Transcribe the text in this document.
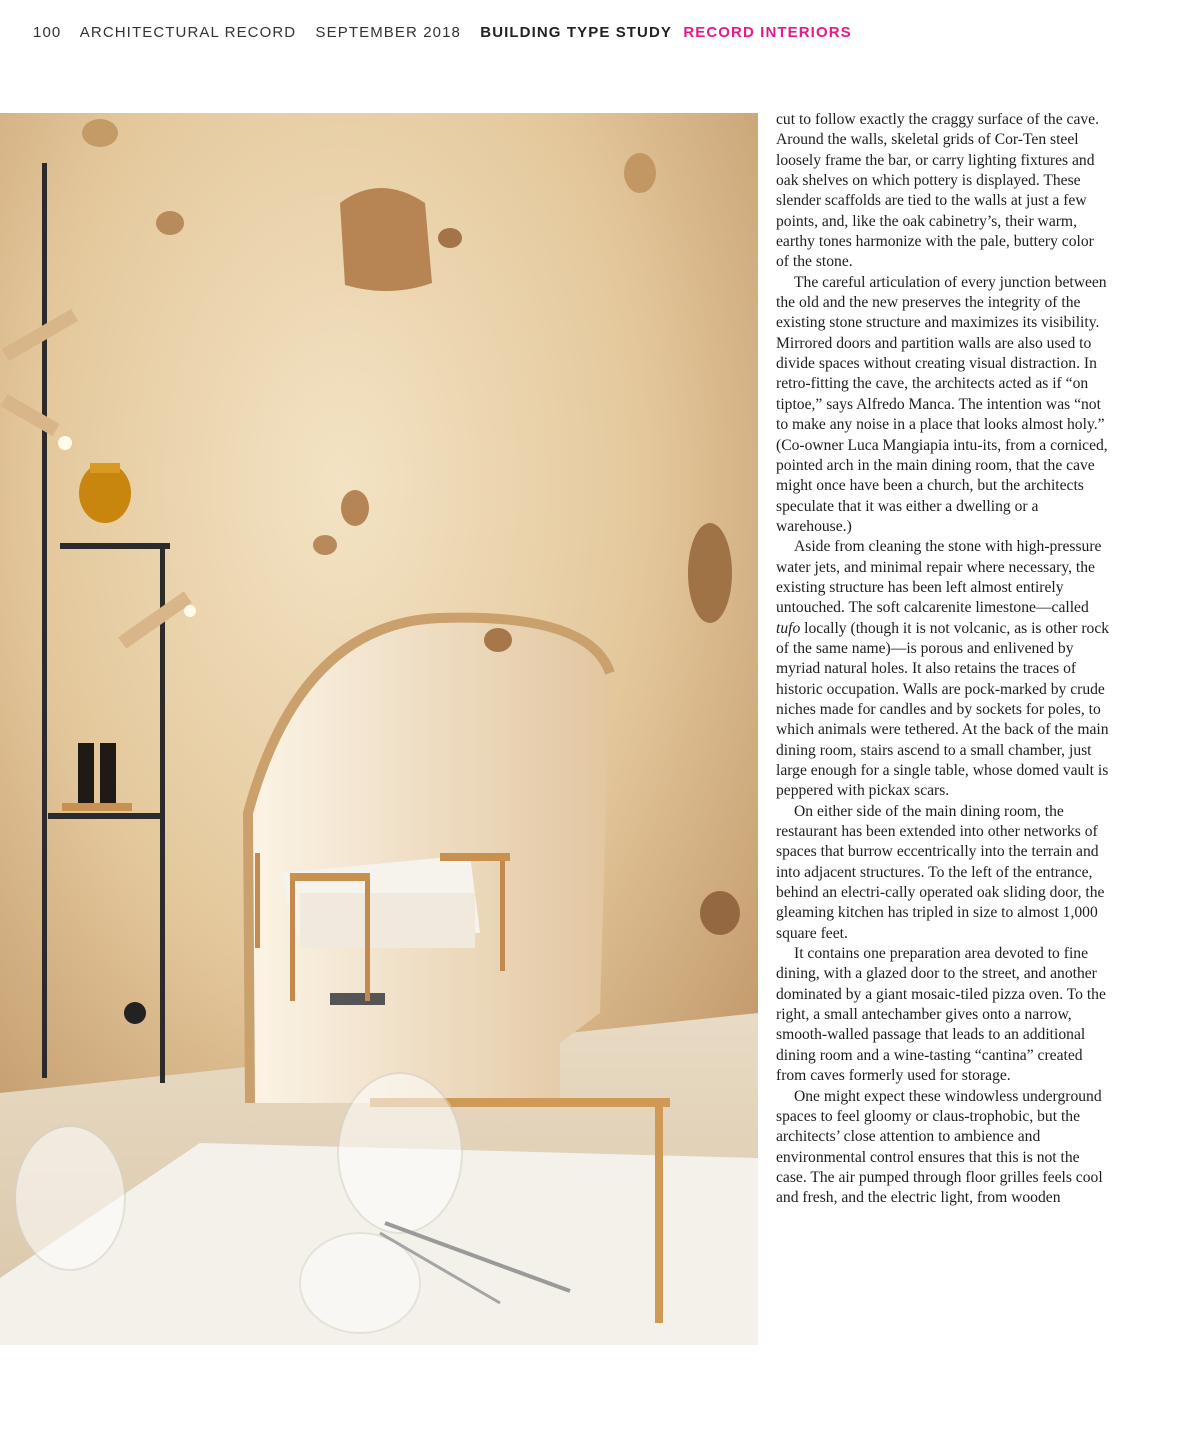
100 ARCHITECTURAL RECORD SEPTEMBER 2018 BUILDING TYPE STUDY RECORD INTERIORS

cut to follow exactly the craggy surface of the cave. Around the walls, skeletal grids of Cor-Ten steel loosely frame the bar, or carry lighting fixtures and oak shelves on which pottery is displayed. These slender scaffolds are tied to the walls at just a few points, and, like the oak cabinetry’s, their warm, earthy tones harmonize with the pale, buttery color of the stone.

The careful articulation of every junction between the old and the new preserves the integrity of the existing stone structure and maximizes its visibility. Mirrored doors and partition walls are also used to divide spaces without creating visual distraction. In retro-fitting the cave, the architects acted as if “on tiptoe,” says Alfredo Manca. The intention was “not to make any noise in a place that looks almost holy.” (Co-owner Luca Mangiapia intu-its, from a corniced, pointed arch in the main dining room, that the cave might once have been a church, but the architects speculate that it was either a dwelling or a warehouse.)

Aside from cleaning the stone with high-pressure water jets, and minimal repair where necessary, the existing structure has been left almost entirely untouched. The soft calcarenite limestone—called tufo locally (though it is not volcanic, as is other rock of the same name)—is porous and enlivened by myriad natural holes. It also retains the traces of historic occupation. Walls are pock-marked by crude niches made for candles and by sockets for poles, to which animals were tethered. At the back of the main dining room, stairs ascend to a small chamber, just large enough for a single table, whose domed vault is peppered with pickax scars.

On either side of the main dining room, the restaurant has been extended into other networks of spaces that burrow eccentrically into the terrain and into adjacent structures. To the left of the entrance, behind an electri-cally operated oak sliding door, the gleaming kitchen has tripled in size to almost 1,000 square feet.

It contains one preparation area devoted to fine dining, with a glazed door to the street, and another dominated by a giant mosaic-tiled pizza oven. To the right, a small antechamber gives onto a narrow, smooth-walled passage that leads to an additional dining room and a wine-tasting “cantina” created from caves formerly used for storage.

One might expect these windowless underground spaces to feel gloomy or claus-trophobic, but the architects’ close attention to ambience and environmental control ensures that this is not the case. The air pumped through floor grilles feels cool and fresh, and the electric light, from wooden
